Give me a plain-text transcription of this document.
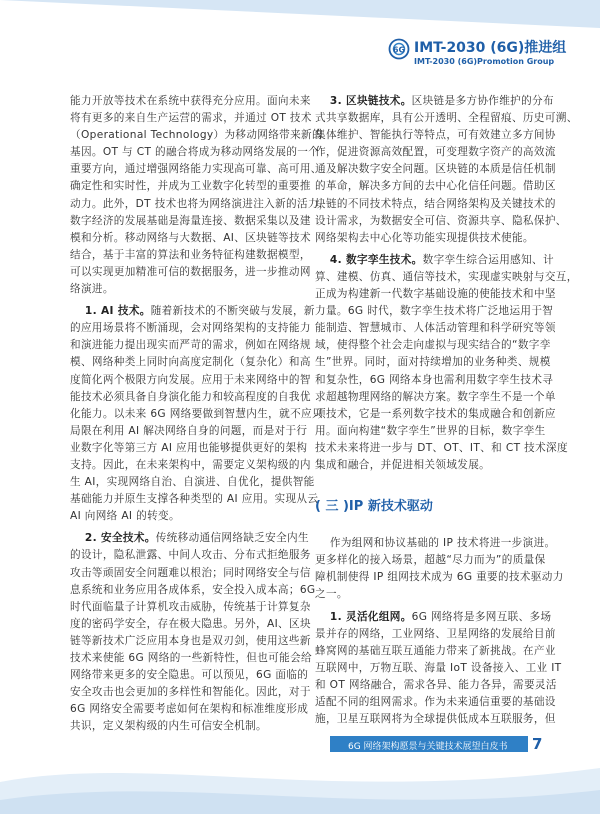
6G IMT-2030 (6G)推进组
IMT-2030 (6G)Promotion Group

能力开放等技术在系统中获得充分应用。面向未来
将有更多的来自生产运营的需求，并通过 OT 技术
（Operational Technology）为移动网络带来新的
基因。OT 与 CT 的融合将成为移动网络发展的一个
重要方向，通过增强网络能力实现高可靠、高可用、
确定性和实时性，并成为工业数字化转型的重要推
动力。此外，DT 技术也将为网络演进注入新的活力，
数字经济的发展基础是海量连接、数据采集以及建
模和分析。移动网络与大数据、AI、区块链等技术
结合，基于丰富的算法和业务特征构建数据模型，
可以实现更加精准可信的数据服务，进一步推动网
络演进。

1. AI 技术。随着新技术的不断突破与发展，新
的应用场景将不断涌现，会对网络架构的支持能力
和演进能力提出现实而严苛的需求，例如在网络规
模、网络种类上同时向高度定制化（复杂化）和高
度简化两个极限方向发展。应用于未来网络中的智
能技术必须具备自身演化能力和较高程度的自我优
化能力。以未来 6G 网络要做到智慧内生，就不应只
局限在利用 AI 解决网络自身的问题，而是对于行
业数字化等第三方 AI 应用也能够提供更好的架构
支持。因此，在未来架构中，需要定义架构级的内
生 AI，实现网络自治、自演进、自优化，提供智能
基础能力并原生支撑各种类型的 AI 应用。实现从云
AI 向网络 AI 的转变。

2. 安全技术。传统移动通信网络缺乏安全内生
的设计，隐私泄露、中间人攻击、分布式拒绝服务
攻击等顽固安全问题难以根治；同时网络安全与信
息系统和业务应用各成体系，安全投入成本高；6G
时代面临量子计算机攻击威胁，传统基于计算复杂
度的密码学安全，存在极大隐患。另外，AI、区块
链等新技术广泛应用本身也是双刃剑，使用这些新
技术来使能 6G 网络的一些新特性，但也可能会给
网络带来更多的安全隐患。可以预见，6G 面临的
安全攻击也会更加的多样性和智能化。因此，对于
6G 网络安全需要考虑如何在架构和标准维度形成
共识，定义架构级的内生可信安全机制。

3. 区块链技术。区块链是多方协作维护的分布
式共享数据库，具有公开透明、全程留痕、历史可溯、
集体维护、智能执行等特点，可有效建立多方间协
作，促进资源高效配置，可变理数字资产的高效流
通及解决数字安全问题。区块链的本质是信任机制
的革命，解决多方间的去中心化信任问题。借助区
块链的不同技术特点，结合网络架构及关键技术的
设计需求，为数据安全可信、资源共享、隐私保护、
网络架构去中心化等功能实现提供技术使能。

4. 数字孪生技术。数字孪生综合运用感知、计
算、建模、仿真、通信等技术，实现虚实映射与交互，
正成为构建新一代数字基础设施的使能技术和中坚
力量。6G 时代，数字孪生技术将广泛地运用于智
能制造、智慧城市、人体活动管理和科学研究等领
域，使得整个社会走向虚拟与现实结合的“数字孪
生”世界。同时，面对持续增加的业务种类、规模
和复杂性，6G 网络本身也需利用数字孪生技术寻
求超越物理网络的解决方案。数字孪生不是一个单
项技术，它是一系列数字技术的集成融合和创新应
用。面向构建“数字孪生”世界的目标，数字孪生
技术未来将进一步与 DT、OT、IT、和 CT 技术深度
集成和融合，并促进相关领域发展。

( 三 )IP 新技术驱动

作为组网和协议基础的 IP 技术将进一步演进。
更多样化的接入场景，超越“尽力而为”的质量保
障机制使得 IP 组网技术成为 6G 重要的技术驱动力
之一。

1. 灵活化组网。6G 网络将是多网互联、多场
景并存的网络，工业网络、卫星网络的发展给目前
蜂窝网的基础互联互通能力带来了新挑战。在产业
互联网中，万物互联、海量 IoT 设备接入、工业 IT
和 OT 网络融合，需求各异、能力各异，需要灵活
适配不同的组网需求。作为未来通信重要的基础设
施，卫星互联网将为全球提供低成本互联服务，但

6G 网络架构愿景与关键技术展望白皮书 7
